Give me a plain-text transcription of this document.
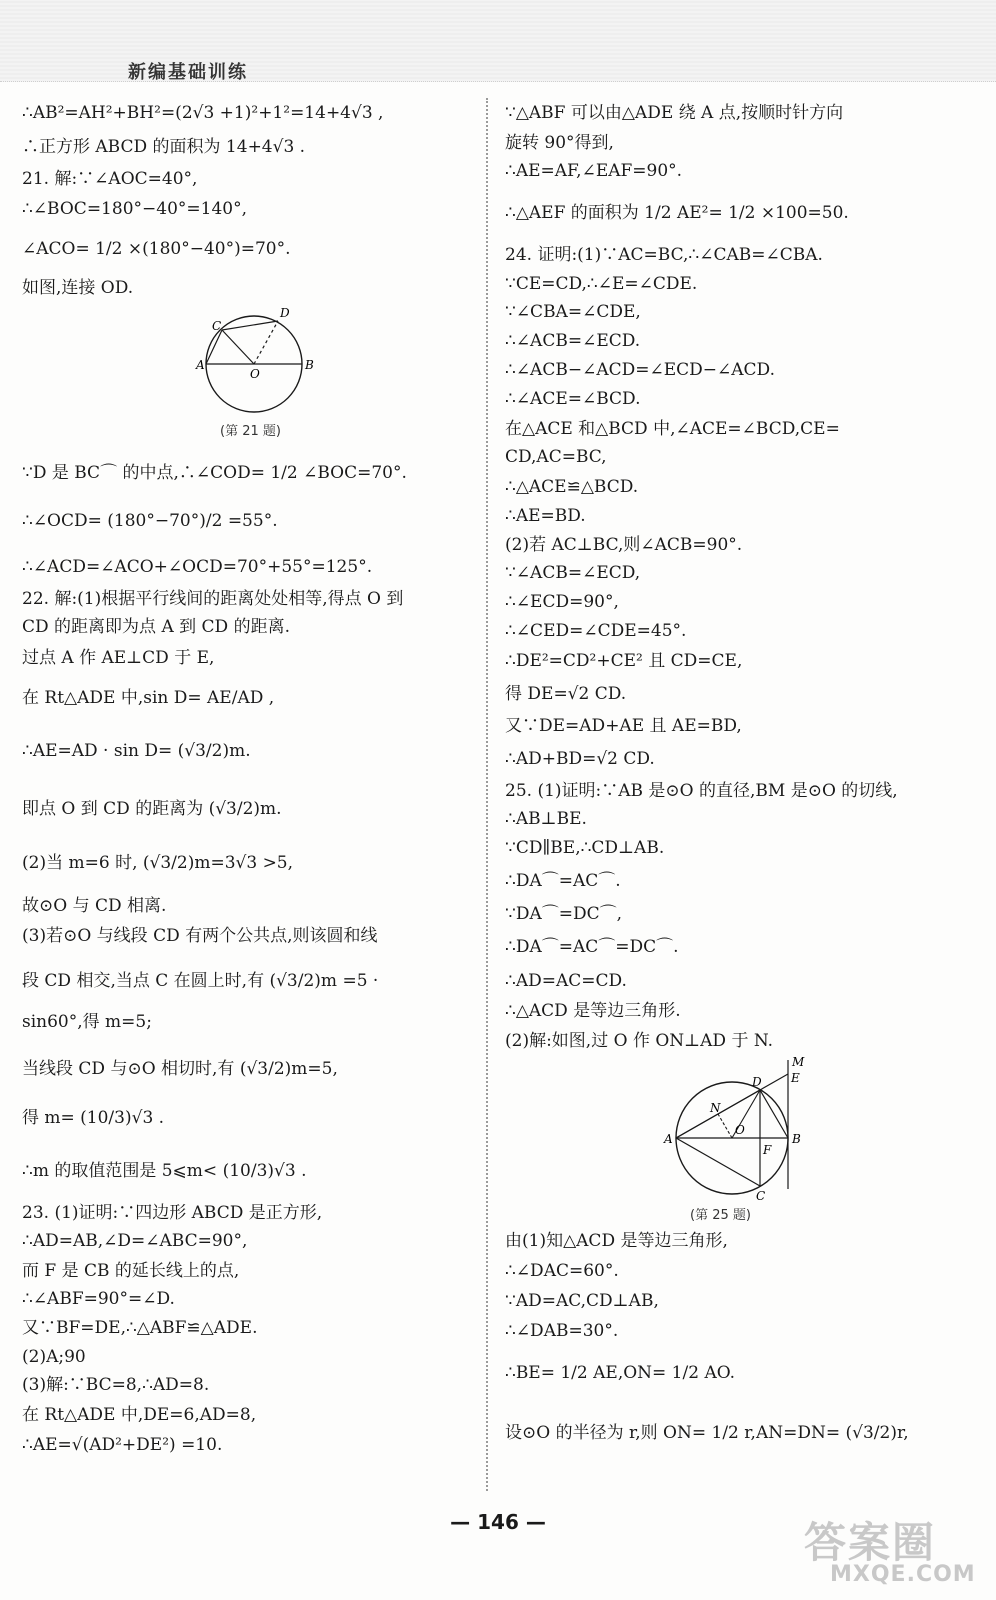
新编基础训练
∴AB²=AH²+BH²=(2√3 +1)²+1²=14+4√3 ,
∴正方形 ABCD 的面积为 14+4√3 .
21. 解:∵∠AOC=40°,
∴∠BOC=180°−40°=140°,
∠ACO= 1/2 ×(180°−40°)=70°.
如图,连接 OD.
∵D 是 BC⌒ 的中点,∴∠COD= 1/2 ∠BOC=70°.
∴∠OCD= (180°−70°)/2 =55°.
∴∠ACD=∠ACO+∠OCD=70°+55°=125°.
22. 解:(1)根据平行线间的距离处处相等,得点 O 到
CD 的距离即为点 A 到 CD 的距离.
过点 A 作 AE⊥CD 于 E,
在 Rt△ADE 中,sin D= AE/AD ,
∴AE=AD · sin D= (√3/2)m.
即点 O 到 CD 的距离为 (√3/2)m.
(2)当 m=6 时, (√3/2)m=3√3 >5,
故⊙O 与 CD 相离.
(3)若⊙O 与线段 CD 有两个公共点,则该圆和线
段 CD 相交,当点 C 在圆上时,有 (√3/2)m =5 ·
sin60°,得 m=5;
当线段 CD 与⊙O 相切时,有 (√3/2)m=5,
得 m= (10/3)√3 .
∴m 的取值范围是 5⩽m< (10/3)√3 .
23. (1)证明:∵四边形 ABCD 是正方形,
∴AD=AB,∠D=∠ABC=90°,
而 F 是 CB 的延长线上的点,
∴∠ABF=90°=∠D.
又∵BF=DE,∴△ABF≌△ADE.
(2)A;90
(3)解:∵BC=8,∴AD=8.
在 Rt△ADE 中,DE=6,AD=8,
∴AE=√(AD²+DE²) =10.
A	B
C
D
O
(第 21 题)
∵△ABF 可以由△ADE 绕 A 点,按顺时针方向
旋转 90°得到,
∴AE=AF,∠EAF=90°.
∴△AEF 的面积为 1/2 AE²= 1/2 ×100=50.
24. 证明:(1)∵AC=BC,∴∠CAB=∠CBA.
∵CE=CD,∴∠E=∠CDE.
∵∠CBA=∠CDE,
∴∠ACB=∠ECD.
∴∠ACB−∠ACD=∠ECD−∠ACD.
∴∠ACE=∠BCD.
在△ACE 和△BCD 中,∠ACE=∠BCD,CE=
CD,AC=BC,
∴△ACE≌△BCD.
∴AE=BD.
(2)若 AC⊥BC,则∠ACB=90°.
∵∠ACB=∠ECD,
∴∠ECD=90°,
∴∠CED=∠CDE=45°.
∴DE²=CD²+CE² 且 CD=CE,
得 DE=√2 CD.
又∵DE=AD+AE 且 AE=BD,
∴AD+BD=√2 CD.
25. (1)证明:∵AB 是⊙O 的直径,BM 是⊙O 的切线,
∴AB⊥BE.
∵CD∥BE,∴CD⊥AB.
∴DA⌒=AC⌒.
∵DA⌒=DC⌒,
∴DA⌒=AC⌒=DC⌒.
∴AD=AC=CD.
∴△ACD 是等边三角形.
(2)解:如图,过 O 作 ON⊥AD 于 N.
由(1)知△ACD 是等边三角形,
∴∠DAC=60°.
∵AD=AC,CD⊥AB,
∴∠DAB=30°.
∴BE= 1/2 AE,ON= 1/2 AO.
设⊙O 的半径为 r,则 ON= 1/2 r,AN=DN= (√3/2)r,
A	B
C
D E
F
M
N
O
(第 25 题)
— 146 —	答案圈
MXQE.COM
